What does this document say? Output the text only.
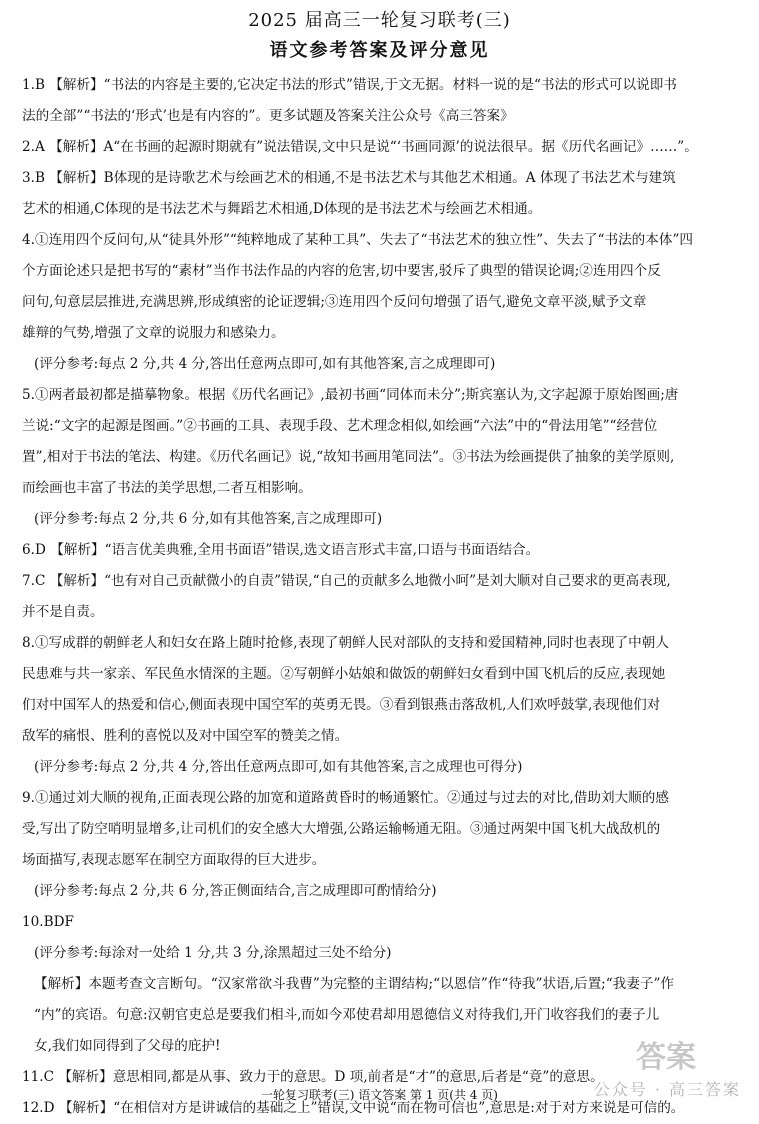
2025 届高三一轮复习联考(三)
语文参考答案及评分意见

1.B 【解析】“书法的内容是主要的,它决定书法的形式”错误,于文无据。材料一说的是“书法的形式可以说即书

法的全部”“书法的‘形式’也是有内容的”。更多试题及答案关注公众号《高三答案》

2.A 【解析】A“在书画的起源时期就有”说法错误,文中只是说“‘书画同源’的说法很早。据《历代名画记》……”。

3.B 【解析】B体现的是诗歌艺术与绘画艺术的相通,不是书法艺术与其他艺术相通。A 体现了书法艺术与建筑

艺术的相通,C体现的是书法艺术与舞蹈艺术相通,D体现的是书法艺术与绘画艺术相通。

4.①连用四个反问句,从“徒具外形”“纯粹地成了某种工具”、失去了“书法艺术的独立性”、失去了“书法的本体”四

个方面论述只是把书写的“素材”当作书法作品的内容的危害,切中要害,驳斥了典型的错误论调;②连用四个反

问句,句意层层推进,充满思辨,形成缜密的论证逻辑;③连用四个反问句增强了语气,避免文章平淡,赋予文章

雄辩的气势,增强了文章的说服力和感染力。

(评分参考:每点 2 分,共 4 分,答出任意两点即可,如有其他答案,言之成理即可)

5.①两者最初都是描摹物象。根据《历代名画记》,最初书画“同体而未分”;斯宾塞认为,文字起源于原始图画;唐

兰说:“文字的起源是图画。”②书画的工具、表现手段、艺术理念相似,如绘画“六法”中的“骨法用笔”“经营位

置”,相对于书法的笔法、构建。《历代名画记》说,“故知书画用笔同法”。③书法为绘画提供了抽象的美学原则,

而绘画也丰富了书法的美学思想,二者互相影响。

(评分参考:每点 2 分,共 6 分,如有其他答案,言之成理即可)

6.D 【解析】“语言优美典雅,全用书面语”错误,选文语言形式丰富,口语与书面语结合。

7.C 【解析】“也有对自己贡献微小的自责”错误,“自己的贡献多么地微小呵”是刘大顺对自己要求的更高表现,

并不是自责。

8.①写成群的朝鲜老人和妇女在路上随时抢修,表现了朝鲜人民对部队的支持和爱国精神,同时也表现了中朝人

民患难与共一家亲、军民鱼水情深的主题。②写朝鲜小姑娘和做饭的朝鲜妇女看到中国飞机后的反应,表现她

们对中国军人的热爱和信心,侧面表现中国空军的英勇无畏。③看到银燕击落敌机,人们欢呼鼓掌,表现他们对

敌军的痛恨、胜利的喜悦以及对中国空军的赞美之情。

(评分参考:每点 2 分,共 4 分,答出任意两点即可,如有其他答案,言之成理也可得分)

9.①通过刘大顺的视角,正面表现公路的加宽和道路黄昏时的畅通繁忙。②通过与过去的对比,借助刘大顺的感

受,写出了防空哨明显增多,让司机们的安全感大大增强,公路运输畅通无阻。③通过两架中国飞机大战敌机的

场面描写,表现志愿军在制空方面取得的巨大进步。

(评分参考:每点 2 分,共 6 分,答正侧面结合,言之成理即可酌情给分)

10.BDF

(评分参考:每涂对一处给 1 分,共 3 分,涂黑超过三处不给分)

【解析】本题考查文言断句。“汉家常欲斗我曹”为完整的主谓结构;“以恩信”作“待我”状语,后置;“我妻子”作

“内”的宾语。句意:汉朝官吏总是要我们相斗,而如今邓使君却用恩德信义对待我们,开门收容我们的妻子儿

女,我们如同得到了父母的庇护!

11.C 【解析】意思相同,都是从事、致力于的意思。D 项,前者是“才”的意思,后者是“竟”的意思。

12.D 【解析】“在相信对方是讲诚信的基础之上”错误,文中说“而在物可信也”,意思是:对于对方来说是可信的。

一轮复习联考(三) 语文答案 第 1 页(共 4 页)
答案
公众号 · 高三答案
